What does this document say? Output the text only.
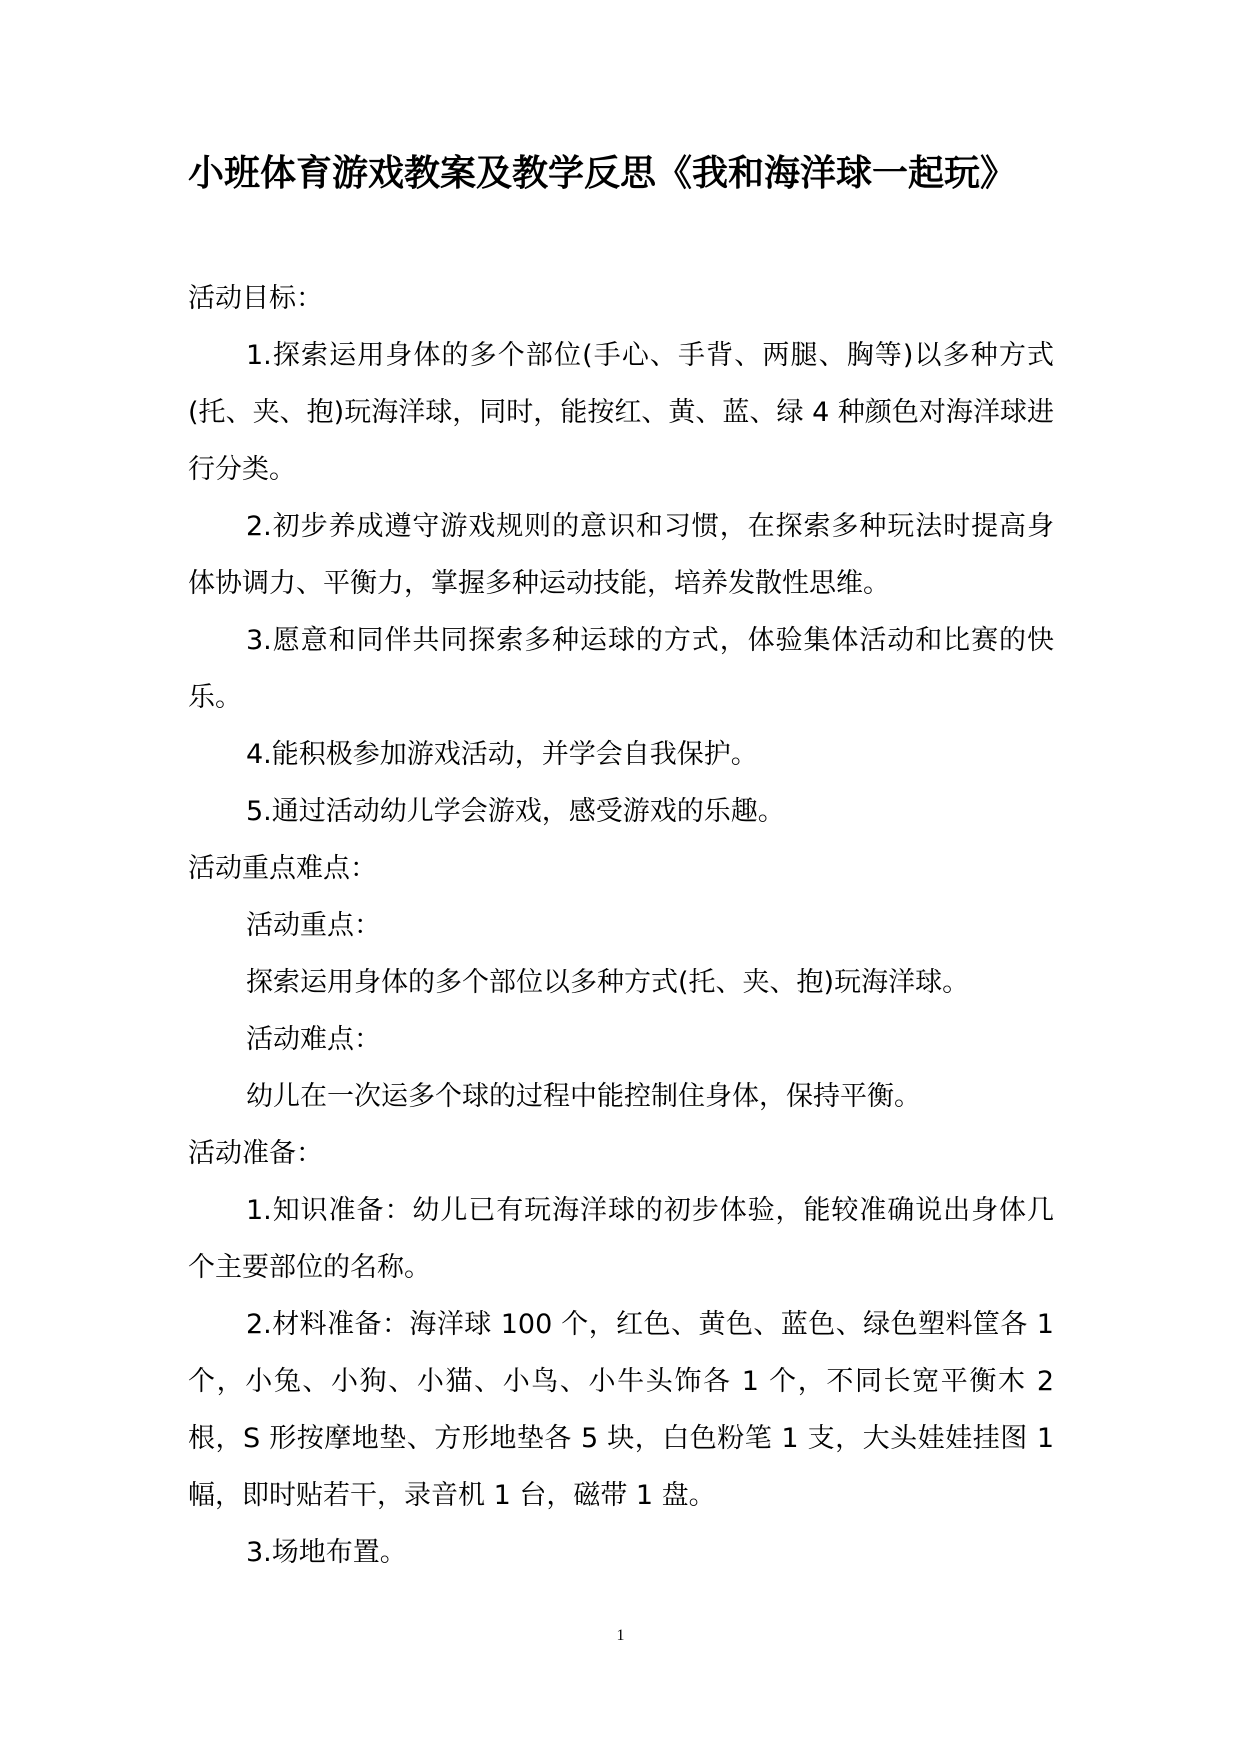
小班体育游戏教案及教学反思《我和海洋球一起玩》

活动目标：

1.探索运用身体的多个部位(手心、手背、两腿、胸等)以多种方式(托、夹、抱)玩海洋球，同时，能按红、黄、蓝、绿 4 种颜色对海洋球进行分类。

2.初步养成遵守游戏规则的意识和习惯，在探索多种玩法时提高身体协调力、平衡力，掌握多种运动技能，培养发散性思维。

3.愿意和同伴共同探索多种运球的方式，体验集体活动和比赛的快乐。

4.能积极参加游戏活动，并学会自我保护。

5.通过活动幼儿学会游戏，感受游戏的乐趣。

活动重点难点：

活动重点：

探索运用身体的多个部位以多种方式(托、夹、抱)玩海洋球。

活动难点：

幼儿在一次运多个球的过程中能控制住身体，保持平衡。

活动准备：

1.知识准备：幼儿已有玩海洋球的初步体验，能较准确说出身体几个主要部位的名称。

2.材料准备：海洋球 100 个，红色、黄色、蓝色、绿色塑料筐各 1 个，小兔、小狗、小猫、小鸟、小牛头饰各 1 个，不同长宽平衡木 2 根，S 形按摩地垫、方形地垫各 5 块，白色粉笔 1 支，大头娃娃挂图 1 幅，即时贴若干，录音机 1 台，磁带 1 盘。

3.场地布置。

1
